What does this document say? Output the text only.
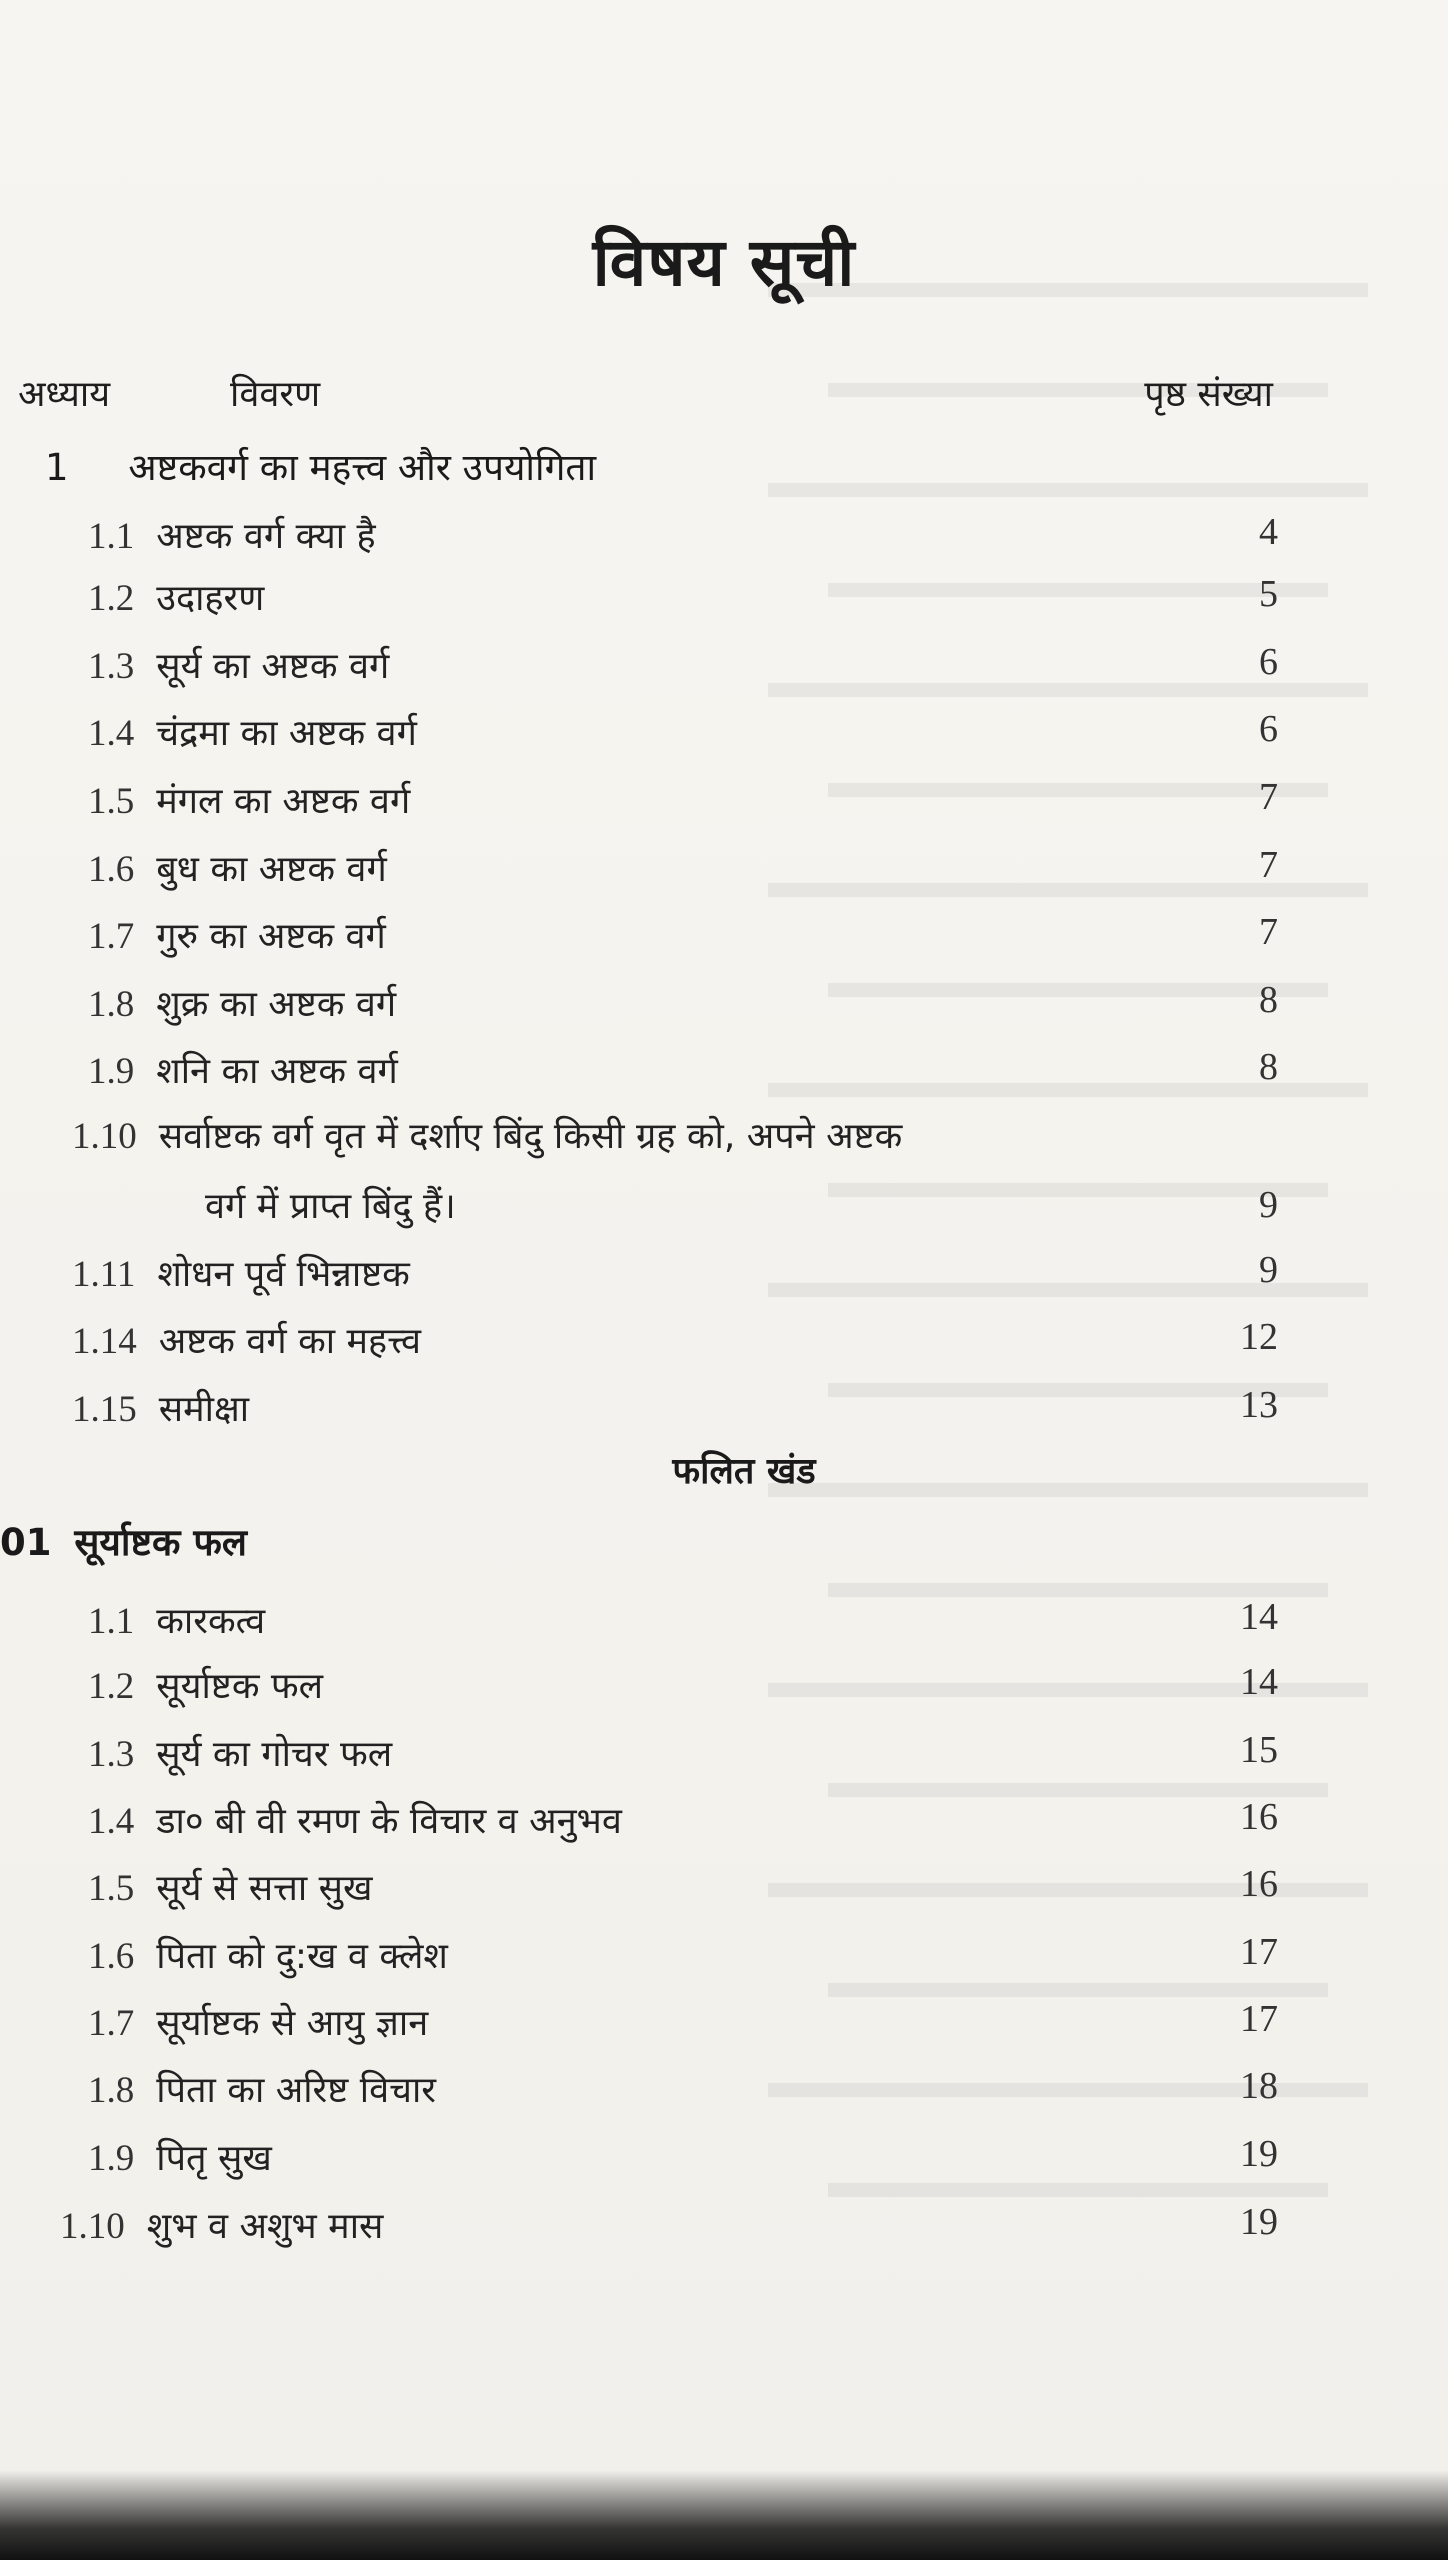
विषय सूची
अध्याय	विवरण	पृष्ठ संख्या
1 अष्टकवर्ग का महत्त्व और उपयोगिता
1.1 अष्टक वर्ग क्या है	4
1.2 उदाहरण	5
1.3 सूर्य का अष्टक वर्ग	6
1.4 चंद्रमा का अष्टक वर्ग	6
1.5 मंगल का अष्टक वर्ग	7
1.6 बुध का अष्टक वर्ग	7
1.7 गुरु का अष्टक वर्ग	7
1.8 शुक्र का अष्टक वर्ग	8
1.9 शनि का अष्टक वर्ग	8
1.10 सर्वाष्टक वर्ग वृत में दर्शाए बिंदु किसी ग्रह को, अपने अष्टक
वर्ग में प्राप्त बिंदु हैं।	9
1.11 शोधन पूर्व भिन्नाष्टक	9
1.14 अष्टक वर्ग का महत्त्व	12
1.15 समीक्षा	13
फलित खंड
01 सूर्याष्टक फल
1.1 कारकत्व	14
1.2 सूर्याष्टक फल	14
1.3 सूर्य का गोचर फल	15
1.4 डा० बी वी रमण के विचार व अनुभव	16
1.5 सूर्य से सत्ता सुख	16
1.6 पिता को दु:ख व क्लेश	17
1.7 सूर्याष्टक से आयु ज्ञान	17
1.8 पिता का अरिष्ट विचार	18
1.9 पितृ सुख	19
1.10 शुभ व अशुभ मास	19
